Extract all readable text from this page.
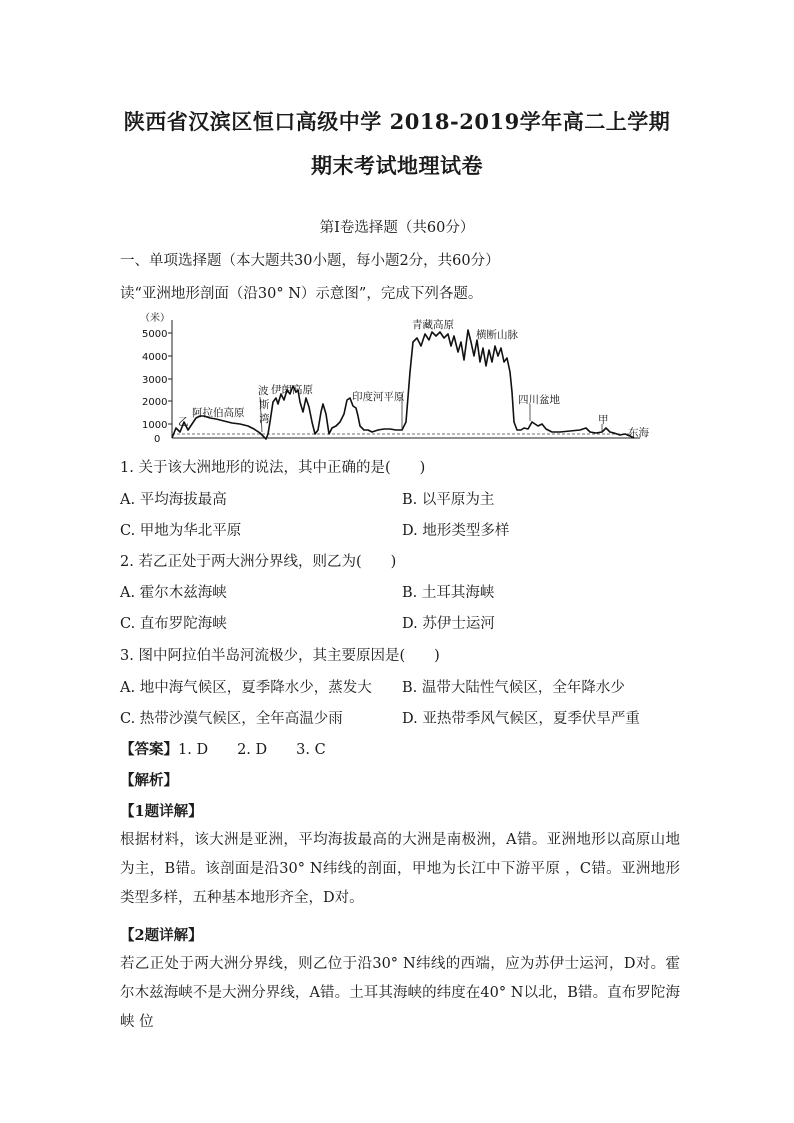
陕西省汉滨区恒口高级中学 2018-2019学年高二上学期
期末考试地理试卷
第Ⅰ卷选择题（共60分）
一、单项选择题（本大题共30小题，每小题2分，共60分）
读“亚洲地形剖面（沿30° N）示意图”，完成下列各题。
（米）
5000
4000
3000
2000
1000
0
青藏高原
横断山脉
波
斯
湾
伊朗高原
阿拉伯高原
乙
印度河平原	四川盆地
甲
东海
1. 关于该大洲地形的说法，其中正确的是(　　)
A. 平均海拔最高	B. 以平原为主
C. 甲地为华北平原	D. 地形类型多样
2. 若乙正处于两大洲分界线，则乙为(　　)
A. 霍尔木兹海峡	B. 土耳其海峡
C. 直布罗陀海峡	D. 苏伊士运河
3. 图中阿拉伯半岛河流极少，其主要原因是(　　)
A. 地中海气候区，夏季降水少，蒸发大 B. 温带大陆性气候区，全年降水少
C. 热带沙漠气候区，全年高温少雨	D. 亚热带季风气候区，夏季伏旱严重
【答案】1. D　　2. D　　3. C
【解析】
【1题详解】
根据材料，该大洲是亚洲，平均海拔最高的大洲是南极洲，A错。亚洲地形以高原山地为主，B错。该剖面是沿30° N纬线的剖面，甲地为长江中下游平原 ，C错。亚洲地形类型多样，五种基本地形齐全，D对。
【2题详解】
若乙正处于两大洲分界线，则乙位于沿30° N纬线的西端，应为苏伊士运河，D对。霍尔木兹海峡不是大洲分界线，A错。土耳其海峡的纬度在40° N以北，B错。直布罗陀海峡 位
